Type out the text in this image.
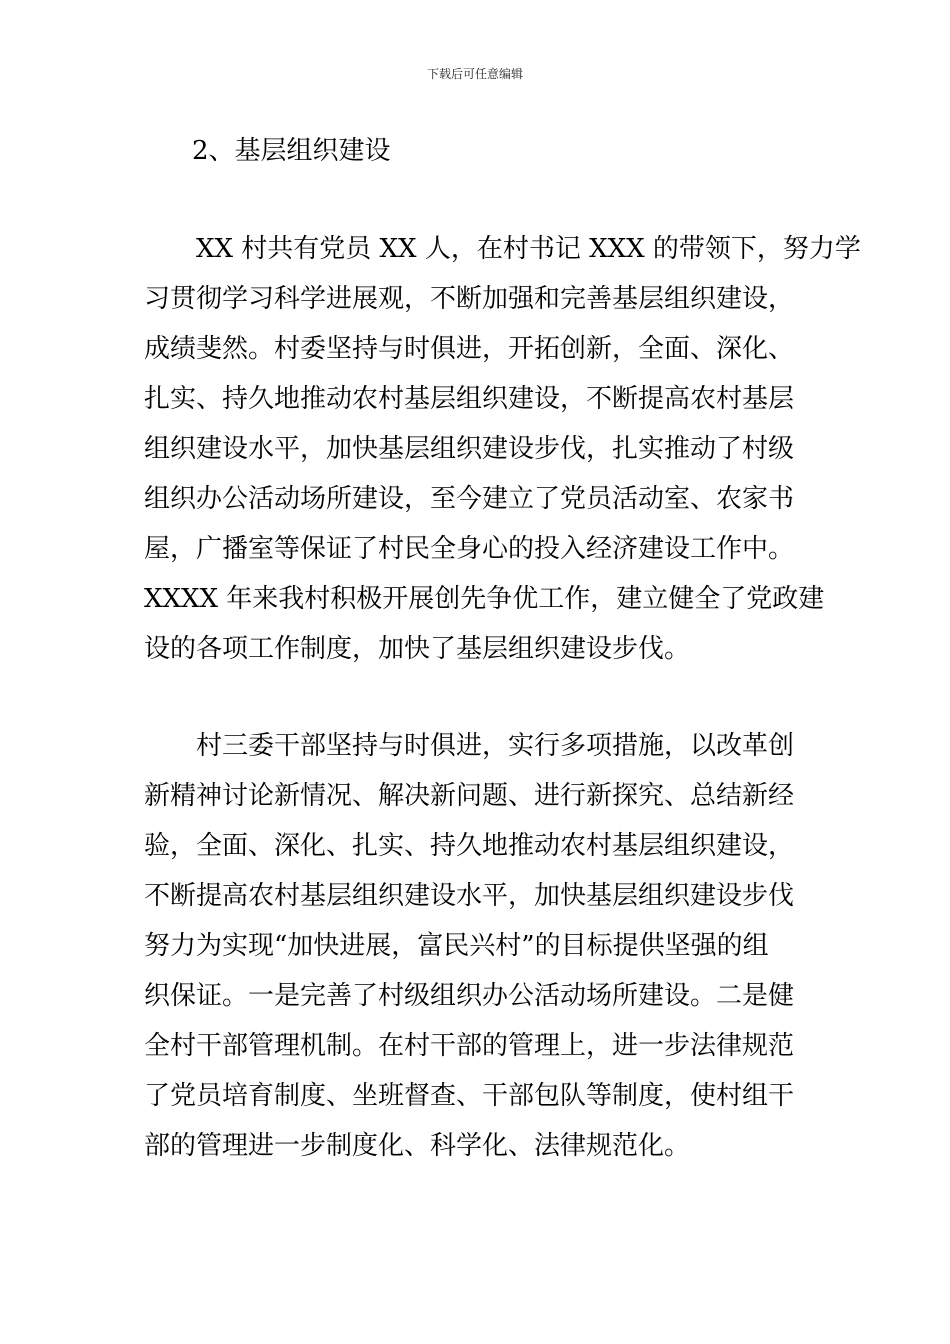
下载后可任意编辑
2、基层组织建设
　　XX 村共有党员 XX 人，在村书记 XXX 的带领下，努力学
习贯彻学习科学进展观，不断加强和完善基层组织建设，
成绩斐然。村委坚持与时俱进，开拓创新，全面、深化、
扎实、持久地推动农村基层组织建设，不断提高农村基层
组织建设水平，加快基层组织建设步伐，扎实推动了村级
组织办公活动场所建设，至今建立了党员活动室、农家书
屋，广播室等保证了村民全身心的投入经济建设工作中。
XXXX 年来我村积极开展创先争优工作，建立健全了党政建
设的各项工作制度，加快了基层组织建设步伐。
　　村三委干部坚持与时俱进，实行多项措施，以改革创
新精神讨论新情况、解决新问题、进行新探究、总结新经
验，全面、深化、扎实、持久地推动农村基层组织建设，
不断提高农村基层组织建设水平，加快基层组织建设步伐
努力为实现“加快进展，富民兴村”的目标提供坚强的组
织保证。一是完善了村级组织办公活动场所建设。二是健
全村干部管理机制。在村干部的管理上，进一步法律规范
了党员培育制度、坐班督查、干部包队等制度，使村组干
部的管理进一步制度化、科学化、法律规范化。
